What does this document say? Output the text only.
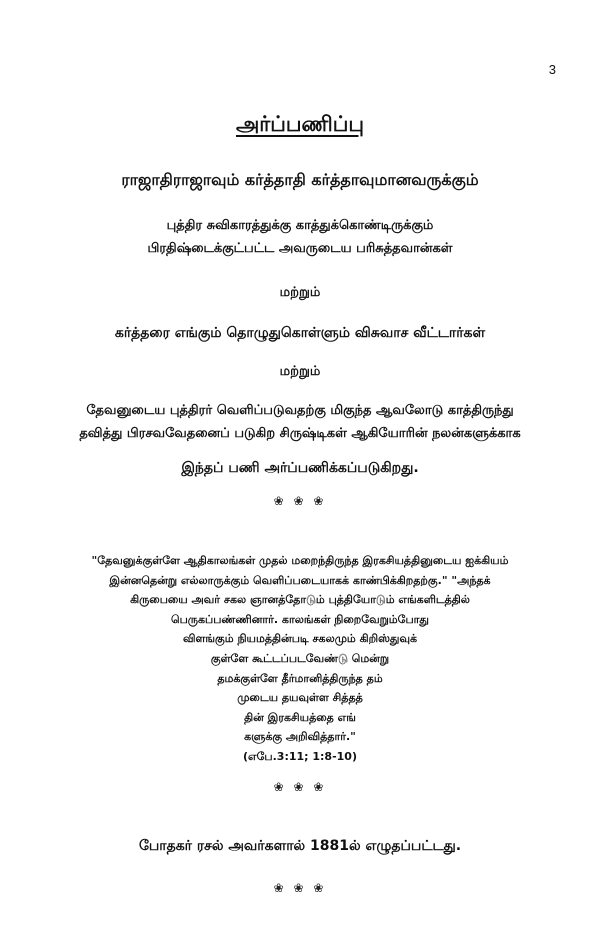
3
அர்ப்பணிப்பு
ராஜாதிராஜாவும் கர்த்தாதி கர்த்தாவுமானவருக்கும்
புத்திர சுவிகாரத்துக்கு காத்துக்கொண்டிருக்கும்
பிரதிஷ்டைக்குட்பட்ட அவருடைய பரிசுத்தவான்கள்
மற்றும்
கர்த்தரை எங்கும் தொழுதுகொள்ளும் விசுவாச வீட்டார்கள்
மற்றும்
தேவனுடைய புத்திரர் வெளிப்படுவதற்கு மிகுந்த ஆவலோடு காத்திருந்து
தவித்து பிரசவவேதனைப் படுகிற சிருஷ்டிகள் ஆகியோரின் நலன்களுக்காக
இந்தப் பணி அர்ப்பணிக்கப்படுகிறது.
❀ ❀ ❀
"தேவனுக்குள்ளே ஆதிகாலங்கள் முதல் மறைந்திருந்த இரகசியத்தினுடைய ஐக்கியம்
இன்னதென்று எல்லாருக்கும் வெளிப்படையாகக் காண்பிக்கிறதற்கு." "அந்தக்
கிருபையை அவர் சகல ஞானத்தோடும் புத்தியோடும் எங்களிடத்தில்
பெருகப்பண்ணினார். காலங்கள் நிறைவேறும்போது
விளங்கும் நியமத்தின்படி சகலமும் கிறிஸ்துவுக்
குள்ளே கூட்டப்படவேண்டு மென்று
தமக்குள்ளே தீர்மானித்திருந்த தம்
முடைய தயவுள்ள சித்தத்
தின் இரகசியத்தை எங்
களுக்கு அறிவித்தார்."
(எபே.3:11; 1:8-10)
❀ ❀ ❀
போதகர் ரசல் அவர்களால் 1881ல் எழுதப்பட்டது.
❀ ❀ ❀
